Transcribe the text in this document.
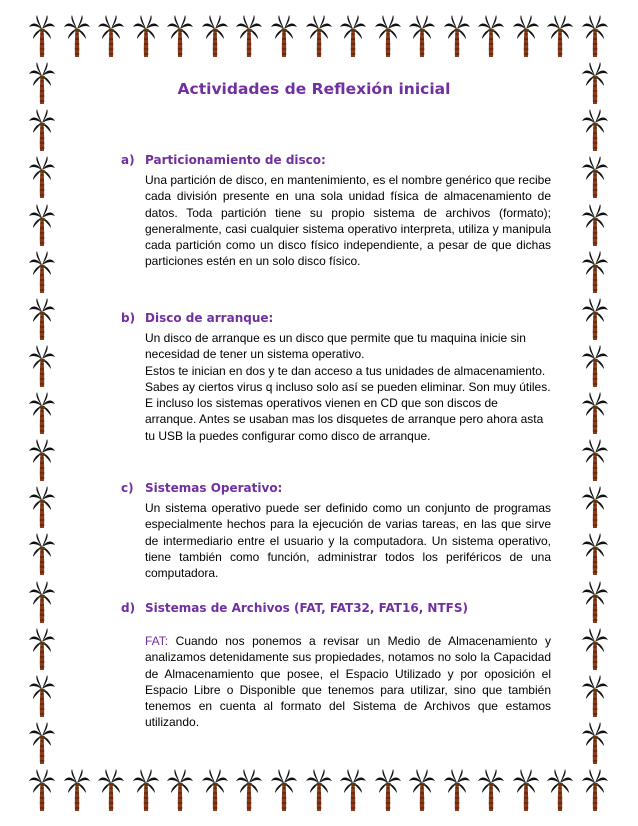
Actividades de Reflexión inicial
a) Particionamiento de disco:

Una partición de disco, en mantenimiento, es el nombre genérico que recibe cada división presente en una sola unidad física de almacenamiento de datos. Toda partición tiene su propio sistema de archivos (formato); generalmente, casi cualquier sistema operativo interpreta, utiliza y manipula cada partición como un disco físico independiente, a pesar de que dichas particiones estén en un solo disco físico.

b) Disco de arranque:

Un disco de arranque es un disco que permite que tu maquina inicie sin necesidad de tener un sistema operativo.

Estos te inician en dos y te dan acceso a tus unidades de almacenamiento. Sabes ay ciertos virus q incluso solo así se pueden eliminar. Son muy útiles.

E incluso los sistemas operativos vienen en CD que son discos de arranque. Antes se usaban mas los disquetes de arranque pero ahora asta tu USB la puedes configurar como disco de arranque.

c) Sistemas Operativo:

Un sistema operativo puede ser definido como un conjunto de programas especialmente hechos para la ejecución de varias tareas, en las que sirve de intermediario entre el usuario y la computadora. Un sistema operativo, tiene también como función, administrar todos los periféricos de una computadora.

d) Sistemas de Archivos (FAT, FAT32, FAT16, NTFS)

FAT: Cuando nos ponemos a revisar un Medio de Almacenamiento y analizamos detenidamente sus propiedades, notamos no solo la Capacidad de Almacenamiento que posee, el Espacio Utilizado y por oposición el Espacio Libre o Disponible que tenemos para utilizar, sino que también tenemos en cuenta al formato del Sistema de Archivos que estamos utilizando.
